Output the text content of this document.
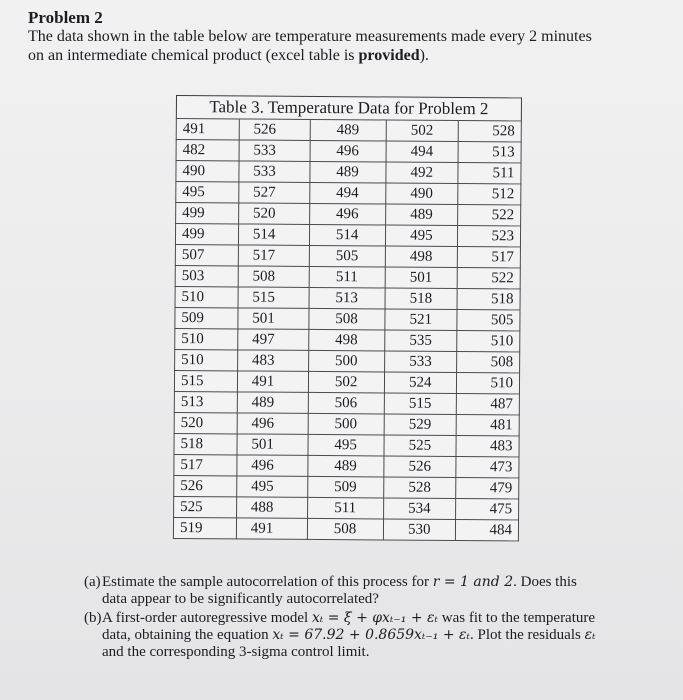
Problem 2
The data shown in the table below are temperature measurements made every 2 minutes
on an intermediate chemical product (excel table is provided).
Table 3. Temperature Data for Problem 2
491	526	489	502	528
482	533	496	494	513
490	533	489	492	511
495	527	494	490	512
499	520	496	489	522
499	514	514	495	523
507	517	505	498	517
503	508	511	501	522
510	515	513	518	518
509	501	508	521	505
510	497	498	535	510
510	483	500	533	508
515	491	502	524	510
513	489	506	515	487
520	496	500	529	481
518	501	495	525	483
517	496	489	526	473
526	495	509	528	479
525	488	511	534	475
519	491	508	530	484
(a) Estimate the sample autocorrelation of this process for r = 1 and 2. Does this
data appear to be significantly autocorrelated?
(b) A first-order autoregressive model xₜ = ξ + φxₜ₋₁ + εₜ was fit to the temperature
data, obtaining the equation xₜ = 67.92 + 0.8659xₜ₋₁ + εₜ. Plot the residuals εₜ
and the corresponding 3-sigma control limit.
